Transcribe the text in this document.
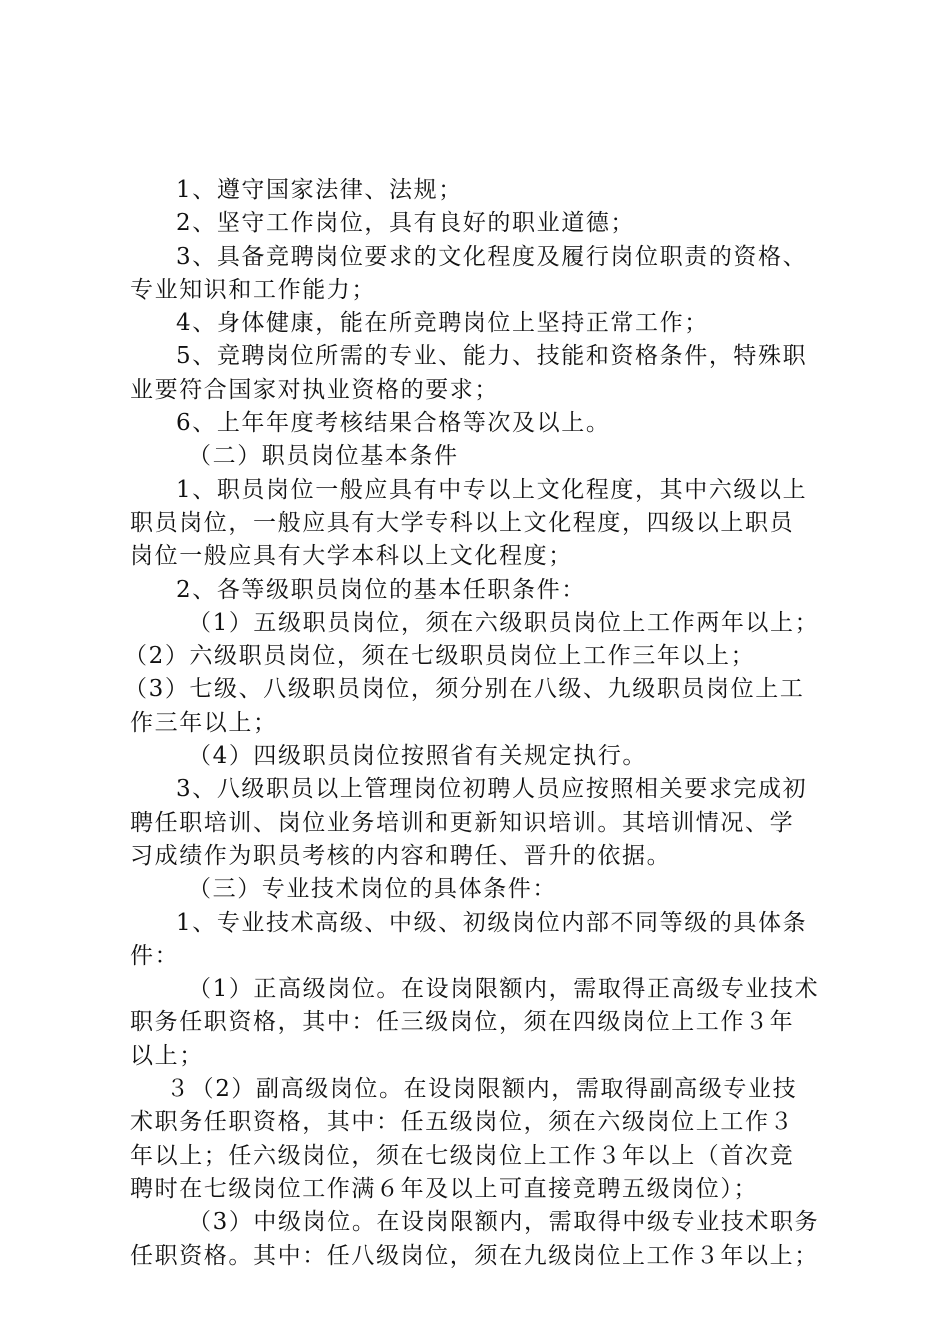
1、遵守国家法律、法规；
2、坚守工作岗位，具有良好的职业道德；
3、具备竞聘岗位要求的文化程度及履行岗位职责的资格、
专业知识和工作能力；
4、身体健康，能在所竞聘岗位上坚持正常工作；
5、竞聘岗位所需的专业、能力、技能和资格条件，特殊职
业要符合国家对执业资格的要求；
6、上年年度考核结果合格等次及以上。
（二）职员岗位基本条件
1、职员岗位一般应具有中专以上文化程度，其中六级以上
职员岗位，一般应具有大学专科以上文化程度，四级以上职员
岗位一般应具有大学本科以上文化程度；
2、各等级职员岗位的基本任职条件：
（1）五级职员岗位，须在六级职员岗位上工作两年以上；
（2）六级职员岗位，须在七级职员岗位上工作三年以上；
（3）七级、八级职员岗位，须分别在八级、九级职员岗位上工
作三年以上；
（4）四级职员岗位按照省有关规定执行。
3、八级职员以上管理岗位初聘人员应按照相关要求完成初
聘任职培训、岗位业务培训和更新知识培训。其培训情况、学
习成绩作为职员考核的内容和聘任、晋升的依据。
（三）专业技术岗位的具体条件：
1、专业技术高级、中级、初级岗位内部不同等级的具体条
件：
（1）正高级岗位。在设岗限额内，需取得正高级专业技术
职务任职资格，其中：任三级岗位，须在四级岗位上工作３年
以上；
３（2）副高级岗位。在设岗限额内，需取得副高级专业技
术职务任职资格，其中：任五级岗位，须在六级岗位上工作３
年以上；任六级岗位，须在七级岗位上工作３年以上（首次竞
聘时在七级岗位工作满６年及以上可直接竞聘五级岗位）；
（3）中级岗位。在设岗限额内，需取得中级专业技术职务
任职资格。其中：任八级岗位，须在九级岗位上工作３年以上；
